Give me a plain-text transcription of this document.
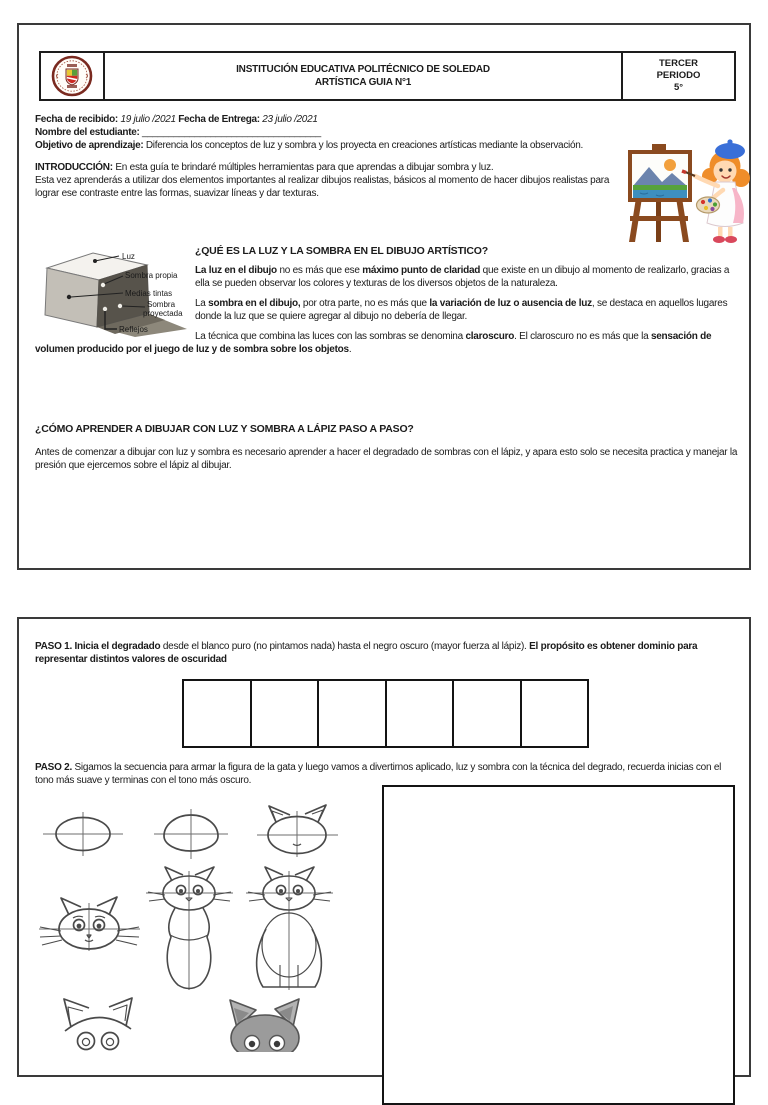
INSTITUCIÓN EDUCATIVA POLITÉCNICO DE SOLEDAD
ARTÍSTICA GUIA N°1
TERCER
PERIODO
5°
Fecha de recibido: 19 julio /2021 Fecha de Entrega: 23 julio /2021
Nombre del estudiante: __________________________________
Objetivo de aprendizaje: Diferencia los conceptos de luz y sombra y los proyecta en creaciones artísticas mediante la observación.
INTRODUCCIÓN: En esta guía te brindaré múltiples herramientas para que aprendas a dibujar sombra y luz.
Esta vez aprenderás a utilizar dos elementos importantes al realizar dibujos realistas, básicos al momento de hacer dibujos realistas para lograr ese contraste entre las formas, suavizar líneas y dar texturas.
Luz
Sombra propia
Medias tintas
Sombra
proyectada
Reflejos
¿QUÉ ES LA LUZ Y LA SOMBRA EN EL DIBUJO ARTÍSTICO?

La luz en el dibujo no es más que ese máximo punto de claridad que existe en un dibujo al momento de realizarlo, gracias a ella se pueden observar los colores y texturas de los diversos objetos de la naturaleza.

La sombra en el dibujo, por otra parte, no es más que la variación de luz o ausencia de luz, se destaca en aquellos lugares donde la luz que se quiere agregar al dibujo no debería de llegar.

La técnica que combina las luces con las sombras se denomina claroscuro. El claroscuro no es más que la sensación de volumen producido por el juego de luz y de sombra sobre los objetos.

¿CÓMO APRENDER A DIBUJAR CON LUZ Y SOMBRA A LÁPIZ PASO A PASO?
Antes de comenzar a dibujar con luz y sombra es necesario aprender a hacer el degradado de sombras con el lápiz, y apara esto solo se necesita practica y manejar la presión que ejercemos sobre el lápiz al dibujar.
PASO 1. Inicia el degradado desde el blanco puro (no pintamos nada) hasta el negro oscuro (mayor fuerza al lápiz). El propósito es obtener dominio para representar distintos valores de oscuridad
PASO 2. Sigamos la secuencia para armar la figura de la gata y luego vamos a divertirnos aplicado, luz y sombra con la técnica del degrado, recuerda inicias con el tono más suave y terminas con el tono más oscuro.
